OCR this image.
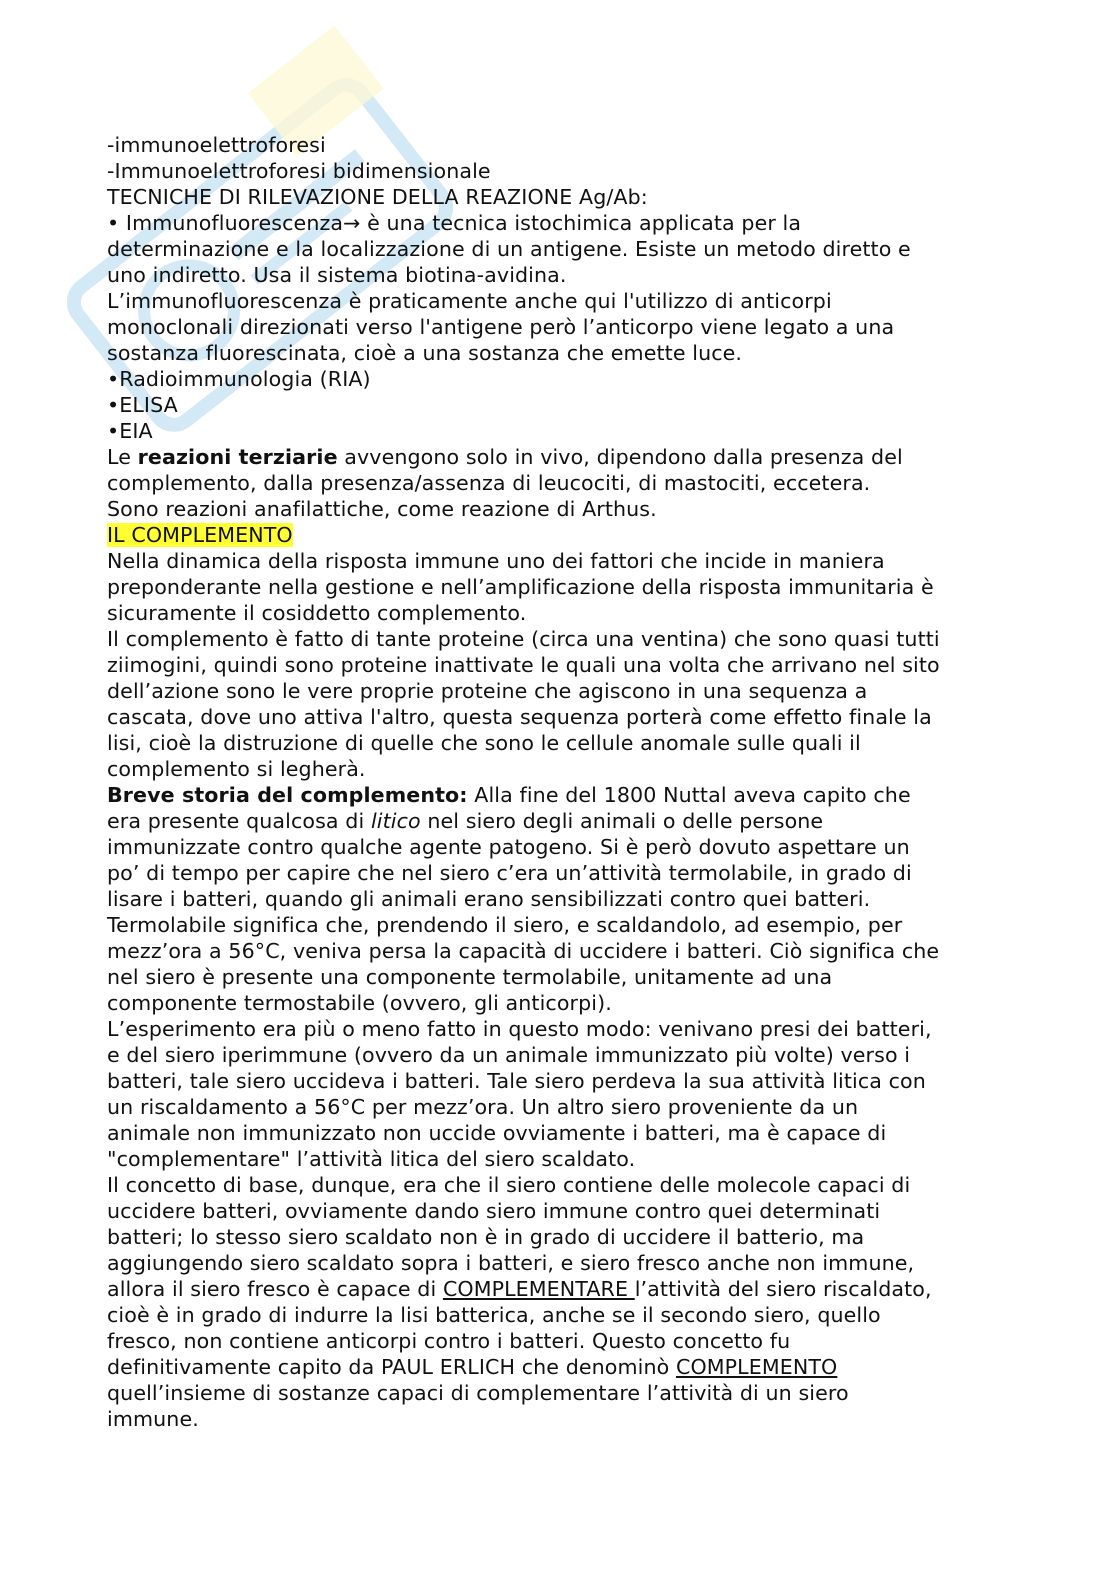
-immunoelettroforesi
-Immunoelettroforesi bidimensionale
TECNICHE DI RILEVAZIONE DELLA REAZIONE Ag/Ab:
• Immunofluorescenza→ è una tecnica istochimica applicata per la
determinazione e la localizzazione di un antigene. Esiste un metodo diretto e
uno indiretto. Usa il sistema biotina-avidina.
L’immunofluorescenza è praticamente anche qui l'utilizzo di anticorpi
monoclonali direzionati verso l'antigene però l’anticorpo viene legato a una
sostanza fluorescinata, cioè a una sostanza che emette luce.
•Radioimmunologia (RIA)
•ELISA
•EIA
Le reazioni terziarie avvengono solo in vivo, dipendono dalla presenza del
complemento, dalla presenza/assenza di leucociti, di mastociti, eccetera.
Sono reazioni anafilattiche, come reazione di Arthus.
IL COMPLEMENTO
Nella dinamica della risposta immune uno dei fattori che incide in maniera
preponderante nella gestione e nell’amplificazione della risposta immunitaria è
sicuramente il cosiddetto complemento.
Il complemento è fatto di tante proteine (circa una ventina) che sono quasi tutti
ziimogini, quindi sono proteine inattivate le quali una volta che arrivano nel sito
dell’azione sono le vere proprie proteine che agiscono in una sequenza a
cascata, dove uno attiva l'altro, questa sequenza porterà come effetto finale la
lisi, cioè la distruzione di quelle che sono le cellule anomale sulle quali il
complemento si legherà.
Breve storia del complemento: Alla fine del 1800 Nuttal aveva capito che
era presente qualcosa di litico nel siero degli animali o delle persone
immunizzate contro qualche agente patogeno. Si è però dovuto aspettare un
po’ di tempo per capire che nel siero c’era un’attività termolabile, in grado di
lisare i batteri, quando gli animali erano sensibilizzati contro quei batteri.
Termolabile significa che, prendendo il siero, e scaldandolo, ad esempio, per
mezz’ora a 56°C, veniva persa la capacità di uccidere i batteri. Ciò significa che
nel siero è presente una componente termolabile, unitamente ad una
componente termostabile (ovvero, gli anticorpi).
L’esperimento era più o meno fatto in questo modo: venivano presi dei batteri,
e del siero iperimmune (ovvero da un animale immunizzato più volte) verso i
batteri, tale siero uccideva i batteri. Tale siero perdeva la sua attività litica con
un riscaldamento a 56°C per mezz’ora. Un altro siero proveniente da un
animale non immunizzato non uccide ovviamente i batteri, ma è capace di
"complementare" l’attività litica del siero scaldato.
Il concetto di base, dunque, era che il siero contiene delle molecole capaci di
uccidere batteri, ovviamente dando siero immune contro quei determinati
batteri; lo stesso siero scaldato non è in grado di uccidere il batterio, ma
aggiungendo siero scaldato sopra i batteri, e siero fresco anche non immune,
allora il siero fresco è capace di COMPLEMENTARE l’attività del siero riscaldato,
cioè è in grado di indurre la lisi batterica, anche se il secondo siero, quello
fresco, non contiene anticorpi contro i batteri. Questo concetto fu
definitivamente capito da PAUL ERLICH che denominò COMPLEMENTO
quell’insieme di sostanze capaci di complementare l’attività di un siero
immune.
